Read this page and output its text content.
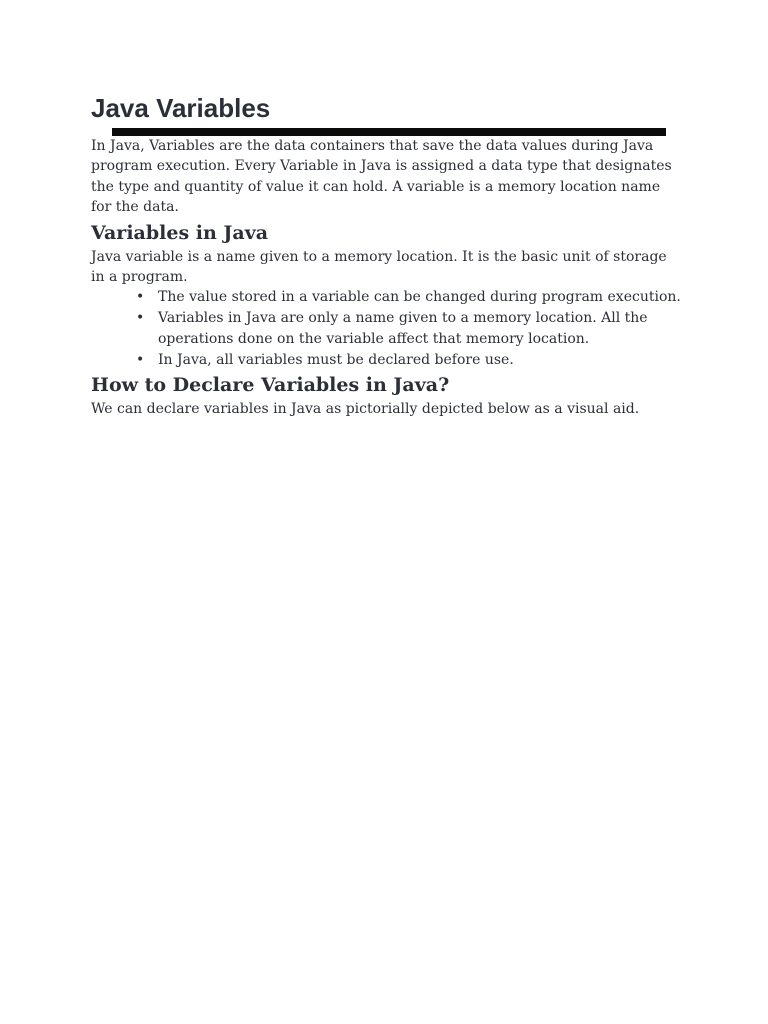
Java Variables

In Java, Variables are the data containers that save the data values during Java program execution. Every Variable in Java is assigned a data type that designates the type and quantity of value it can hold. A variable is a memory location name for the data.

Variables in Java

Java variable is a name given to a memory location. It is the basic unit of storage in a program.

• The value stored in a variable can be changed during program execution.
• Variables in Java are only a name given to a memory location. All the operations done on the variable affect that memory location.
• In Java, all variables must be declared before use.
How to Declare Variables in Java?

We can declare variables in Java as pictorially depicted below as a visual aid.
